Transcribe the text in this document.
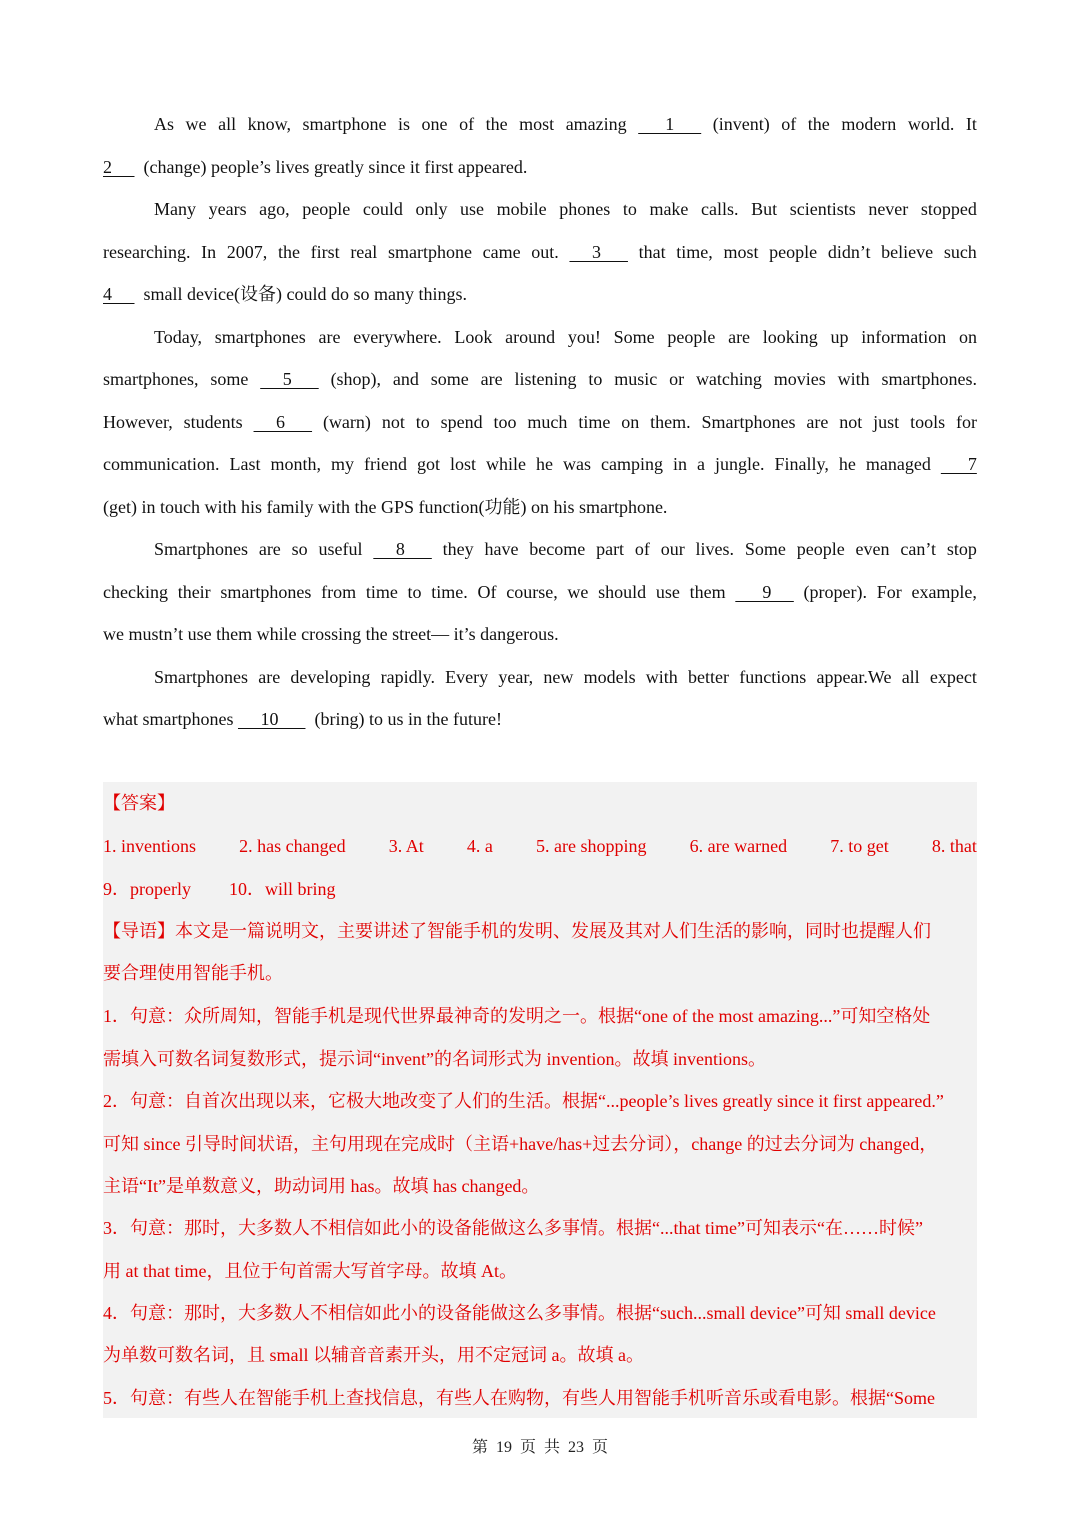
As we all know, smartphone is one of the most amazing 1 (invent) of the modern world. It
2 (change) people’s lives greatly since it first appeared.
Many years ago, people could only use mobile phones to make calls. But scientists never stopped
researching. In 2007, the first real smartphone came out. 3 that time, most people didn’t believe such
4 small device(设备) could do so many things.
Today, smartphones are everywhere. Look around you! Some people are looking up information on
smartphones, some 5 (shop), and some are listening to music or watching movies with smartphones.
However, students 6 (warn) not to spend too much time on them. Smartphones are not just tools for
communication. Last month, my friend got lost while he was camping in a jungle. Finally, he managed 7
(get) in touch with his family with the GPS function(功能) on his smartphone.
Smartphones are so useful 8 they have become part of our lives. Some people even can’t stop
checking their smartphones from time to time. Of course, we should use them 9 (proper). For example,
we mustn’t use them while crossing the street— it’s dangerous.
Smartphones are developing rapidly. Every year, new models with better functions appear.We all expect
what smartphones 10 (bring) to us in the future!
【答案】
1. inventions 2. has changed 3. At 4. a 5. are shopping 6. are warned 7. to get 8. that
9．properly 10．will bring
【导语】本文是一篇说明文，主要讲述了智能手机的发明、发展及其对人们生活的影响，同时也提醒人们
要合理使用智能手机。
1．句意：众所周知，智能手机是现代世界最神奇的发明之一。根据“one of the most amazing...”可知空格处
需填入可数名词复数形式，提示词“invent”的名词形式为 invention。故填 inventions。
2．句意：自首次出现以来，它极大地改变了人们的生活。根据“...people’s lives greatly since it first appeared.”
可知 since 引导时间状语，主句用现在完成时（主语+have/has+过去分词），change 的过去分词为 changed，
主语“It”是单数意义，助动词用 has。故填 has changed。
3．句意：那时，大多数人不相信如此小的设备能做这么多事情。根据“...that time”可知表示“在……时候”
用 at that time，且位于句首需大写首字母。故填 At。
4．句意：那时，大多数人不相信如此小的设备能做这么多事情。根据“such...small device”可知 small device
为单数可数名词，且 small 以辅音音素开头，用不定冠词 a。故填 a。
5．句意：有些人在智能手机上查找信息，有些人在购物，有些人用智能手机听音乐或看电影。根据“Some
第 19 页 共 23 页
